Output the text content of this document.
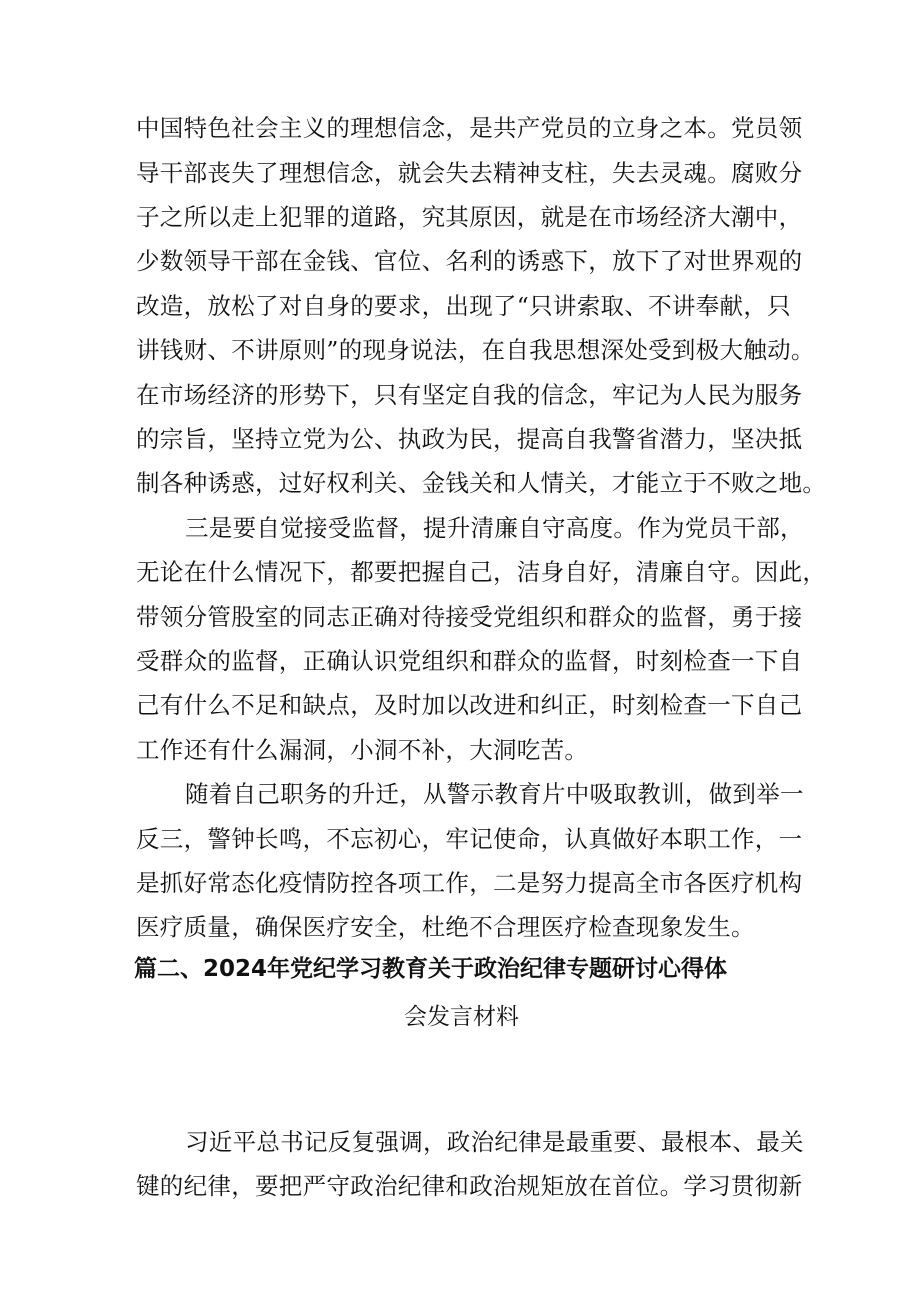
中国特色社会主义的理想信念，是共产党员的立身之本。党员领
导干部丧失了理想信念，就会失去精神支柱，失去灵魂。腐败分
子之所以走上犯罪的道路，究其原因，就是在市场经济大潮中，
少数领导干部在金钱、官位、名利的诱惑下，放下了对世界观的
改造，放松了对自身的要求，出现了“只讲索取、不讲奉献，只
讲钱财、不讲原则”的现身说法，在自我思想深处受到极大触动。
在市场经济的形势下，只有坚定自我的信念，牢记为人民为服务
的宗旨，坚持立党为公、执政为民，提高自我警省潜力，坚决抵
制各种诱惑，过好权利关、金钱关和人情关，才能立于不败之地。
三是要自觉接受监督，提升清廉自守高度。作为党员干部，
无论在什么情况下，都要把握自己，洁身自好，清廉自守。因此，
带领分管股室的同志正确对待接受党组织和群众的监督，勇于接
受群众的监督，正确认识党组织和群众的监督，时刻检查一下自
己有什么不足和缺点，及时加以改进和纠正，时刻检查一下自己
工作还有什么漏洞，小洞不补，大洞吃苦。
随着自己职务的升迁，从警示教育片中吸取教训，做到举一
反三，警钟长鸣，不忘初心，牢记使命，认真做好本职工作，一
是抓好常态化疫情防控各项工作，二是努力提高全市各医疗机构
医疗质量，确保医疗安全，杜绝不合理医疗检查现象发生。
篇二、2024年党纪学习教育关于政治纪律专题研讨心得体
会发言材料
习近平总书记反复强调，政治纪律是最重要、最根本、最关
键的纪律，要把严守政治纪律和政治规矩放在首位。学习贯彻新
